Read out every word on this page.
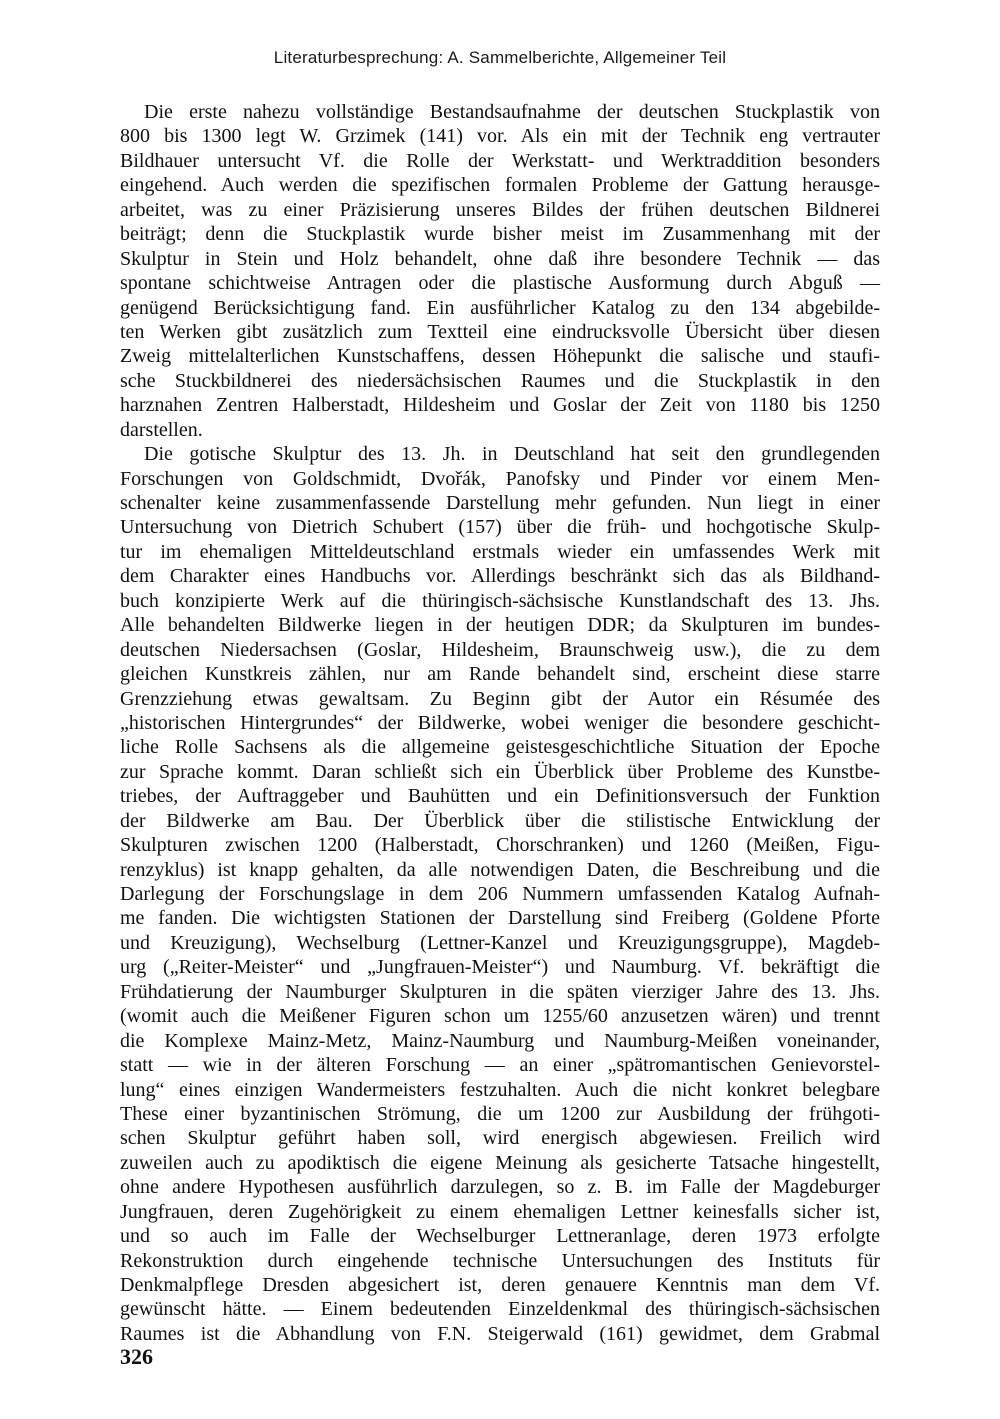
Literaturbesprechung: A. Sammelberichte, Allgemeiner Teil
Die erste nahezu vollständige Bestandsaufnahme der deutschen Stuckplastik von
800 bis 1300 legt W. Grzimek (141) vor. Als ein mit der Technik eng vertrauter
Bildhauer untersucht Vf. die Rolle der Werkstatt- und Werktraddition besonders
eingehend. Auch werden die spezifischen formalen Probleme der Gattung herausge-
arbeitet, was zu einer Präzisierung unseres Bildes der frühen deutschen Bildnerei
beiträgt; denn die Stuckplastik wurde bisher meist im Zusammenhang mit der
Skulptur in Stein und Holz behandelt, ohne daß ihre besondere Technik — das
spontane schichtweise Antragen oder die plastische Ausformung durch Abguß —
genügend Berücksichtigung fand. Ein ausführlicher Katalog zu den 134 abgebilde-
ten Werken gibt zusätzlich zum Textteil eine eindrucksvolle Übersicht über diesen
Zweig mittelalterlichen Kunstschaffens, dessen Höhepunkt die salische und staufi-
sche Stuckbildnerei des niedersächsischen Raumes und die Stuckplastik in den
harznahen Zentren Halberstadt, Hildesheim und Goslar der Zeit von 1180 bis 1250
darstellen.
Die gotische Skulptur des 13. Jh. in Deutschland hat seit den grundlegenden
Forschungen von Goldschmidt, Dvořák, Panofsky und Pinder vor einem Men-
schenalter keine zusammenfassende Darstellung mehr gefunden. Nun liegt in einer
Untersuchung von Dietrich Schubert (157) über die früh- und hochgotische Skulp-
tur im ehemaligen Mitteldeutschland erstmals wieder ein umfassendes Werk mit
dem Charakter eines Handbuchs vor. Allerdings beschränkt sich das als Bildhand-
buch konzipierte Werk auf die thüringisch-sächsische Kunstlandschaft des 13. Jhs.
Alle behandelten Bildwerke liegen in der heutigen DDR; da Skulpturen im bundes-
deutschen Niedersachsen (Goslar, Hildesheim, Braunschweig usw.), die zu dem
gleichen Kunstkreis zählen, nur am Rande behandelt sind, erscheint diese starre
Grenzziehung etwas gewaltsam. Zu Beginn gibt der Autor ein Résumée des
„historischen Hintergrundes“ der Bildwerke, wobei weniger die besondere geschicht-
liche Rolle Sachsens als die allgemeine geistesgeschichtliche Situation der Epoche
zur Sprache kommt. Daran schließt sich ein Überblick über Probleme des Kunstbe-
triebes, der Auftraggeber und Bauhütten und ein Definitionsversuch der Funktion
der Bildwerke am Bau. Der Überblick über die stilistische Entwicklung der
Skulpturen zwischen 1200 (Halberstadt, Chorschranken) und 1260 (Meißen, Figu-
renzyklus) ist knapp gehalten, da alle notwendigen Daten, die Beschreibung und die
Darlegung der Forschungslage in dem 206 Nummern umfassenden Katalog Aufnah-
me fanden. Die wichtigsten Stationen der Darstellung sind Freiberg (Goldene Pforte
und Kreuzigung), Wechselburg (Lettner-Kanzel und Kreuzigungsgruppe), Magdeb-
urg („Reiter-Meister“ und „Jungfrauen-Meister“) und Naumburg. Vf. bekräftigt die
Frühdatierung der Naumburger Skulpturen in die späten vierziger Jahre des 13. Jhs.
(womit auch die Meißener Figuren schon um 1255/60 anzusetzen wären) und trennt
die Komplexe Mainz-Metz, Mainz-Naumburg und Naumburg-Meißen voneinander,
statt — wie in der älteren Forschung — an einer „spätromantischen Genievorstel-
lung“ eines einzigen Wandermeisters festzuhalten. Auch die nicht konkret belegbare
These einer byzantinischen Strömung, die um 1200 zur Ausbildung der frühgoti-
schen Skulptur geführt haben soll, wird energisch abgewiesen. Freilich wird
zuweilen auch zu apodiktisch die eigene Meinung als gesicherte Tatsache hingestellt,
ohne andere Hypothesen ausführlich darzulegen, so z. B. im Falle der Magdeburger
Jungfrauen, deren Zugehörigkeit zu einem ehemaligen Lettner keinesfalls sicher ist,
und so auch im Falle der Wechselburger Lettneranlage, deren 1973 erfolgte
Rekonstruktion durch eingehende technische Untersuchungen des Instituts für
Denkmalpflege Dresden abgesichert ist, deren genauere Kenntnis man dem Vf.
gewünscht hätte. — Einem bedeutenden Einzeldenkmal des thüringisch-sächsischen
Raumes ist die Abhandlung von F.N. Steigerwald (161) gewidmet, dem Grabmal
326
